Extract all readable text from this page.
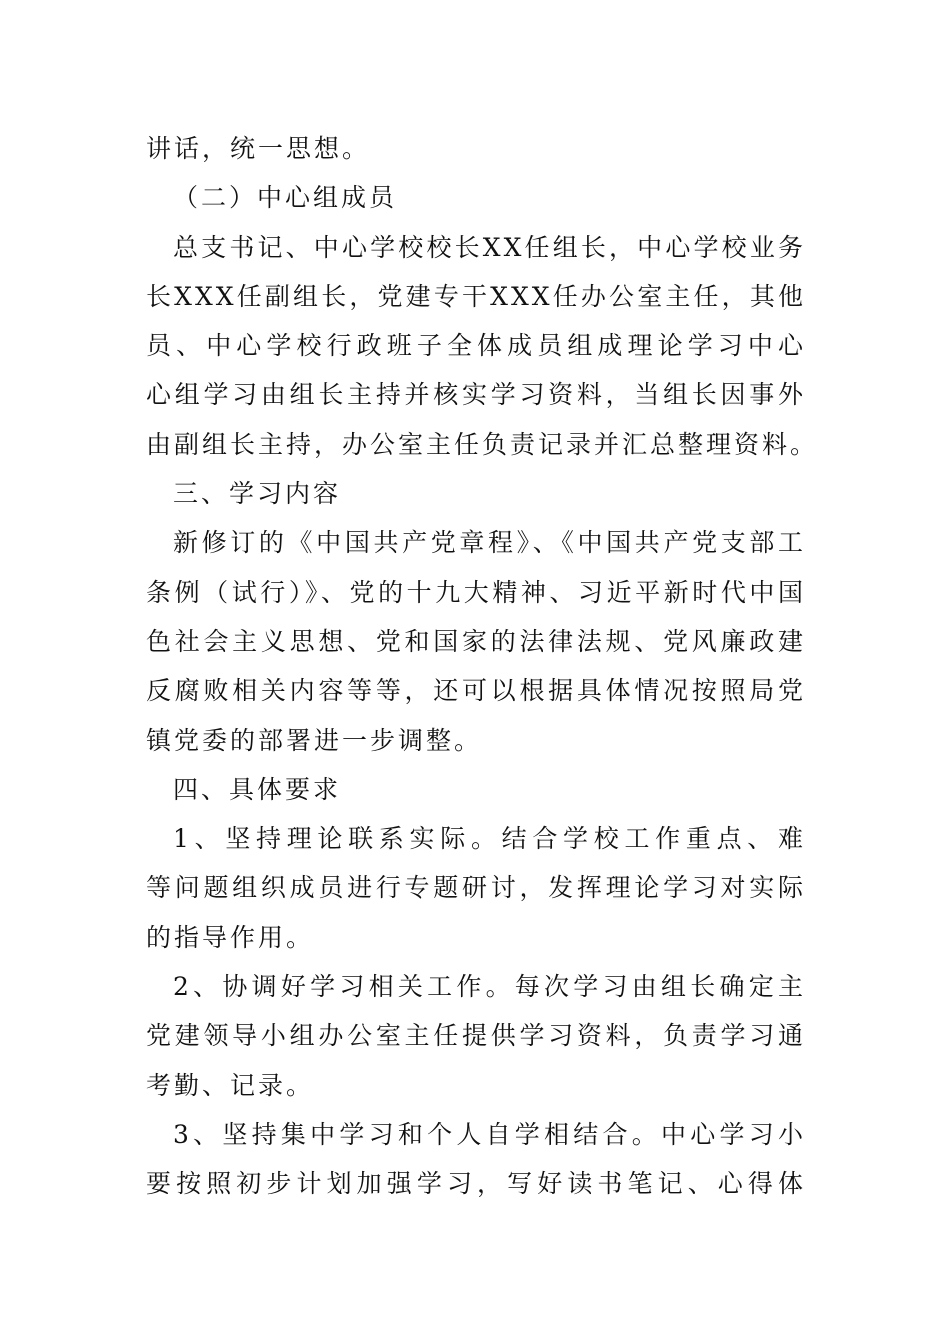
讲话，统一思想。
（二）中心组成员
总支书记、中心学校校长XX任组长，中心学校业务
长XXX任副组长，党建专干XXX任办公室主任，其他
员、中心学校行政班子全体成员组成理论学习中心
心组学习由组长主持并核实学习资料，当组长因事外
由副组长主持，办公室主任负责记录并汇总整理资料。
三、学习内容
新修订的《中国共产党章程》、《中国共产党支部工
条例（试行）》、党的十九大精神、习近平新时代中国
色社会主义思想、党和国家的法律法规、党风廉政建
反腐败相关内容等等，还可以根据具体情况按照局党
镇党委的部署进一步调整。
四、具体要求
1、坚持理论联系实际。结合学校工作重点、难
等问题组织成员进行专题研讨，发挥理论学习对实际
的指导作用。
2、协调好学习相关工作。每次学习由组长确定主
党建领导小组办公室主任提供学习资料，负责学习通
考勤、记录。
3、坚持集中学习和个人自学相结合。中心学习小
要按照初步计划加强学习，写好读书笔记、心得体
